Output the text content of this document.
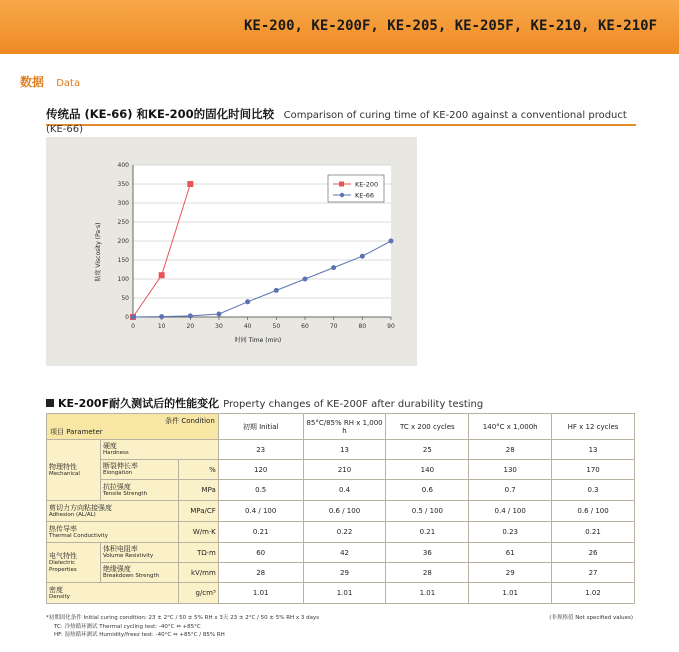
KE-200, KE-200F, KE-205, KE-205F, KE-210, KE-210F
数据 Data
传统品 (KE-66) 和KE-200的固化时间比较 Comparison of curing time of KE-200 against a conventional product (KE-66)
0
50
100
150
200
250
300
350
400
0	10	20	30	40	50	60	70	80	90
KE-200
KE-66
粘度 Viscosity (Pa·s)
时间 Time (min)
KE-200F耐久测试后的性能变化 Property changes of KE-200F after durability testing
条件 Condition
项目 Parameter			初期 Initial	85°C/85% RH x 1,000 h	TC x 200 cycles	140°C x 1,000h	HF x 12 cycles

物理特性
Mechanical	硬度
Hardness		23	13	25	28	13

	断裂伸长率
Elongation	%	120	210	140	130	170

	抗拉强度
Tensile Strength	MPa	0.5	0.4	0.6	0.7	0.3

剪切力方向粘接强度
Adhesion (AL/AL)		MPa/CF	0.4 / 100	0.6 / 100	0.5 / 100	0.4 / 100	0.6 / 100

热传导率
Thermal Conductivity		W/m·K	0.21	0.22	0.21	0.23	0.21

电气特性
Dielectric
Properties	体积电阻率
Volume Resistivity	TΩ·m	60	42	36	61	26

	绝缘强度
Breakdown Strength	kV/mm	28	29	28	29	27

密度
Density		g/cm³	1.01	1.01	1.01	1.01	1.02
*初期固化条件 Initial curing condition: 23 ± 2°C / 50 ± 5% RH x 3天 23 ± 2°C / 50 ± 5% RH x 3 days
TC: 冷热循环测试 Thermal cycling test: -40°C ⇔ +85°C
HF: 湿热循环测试 Humidity/freez test: -40°C ⇔ +85°C / 85% RH
(非规格值 Not specified values)
